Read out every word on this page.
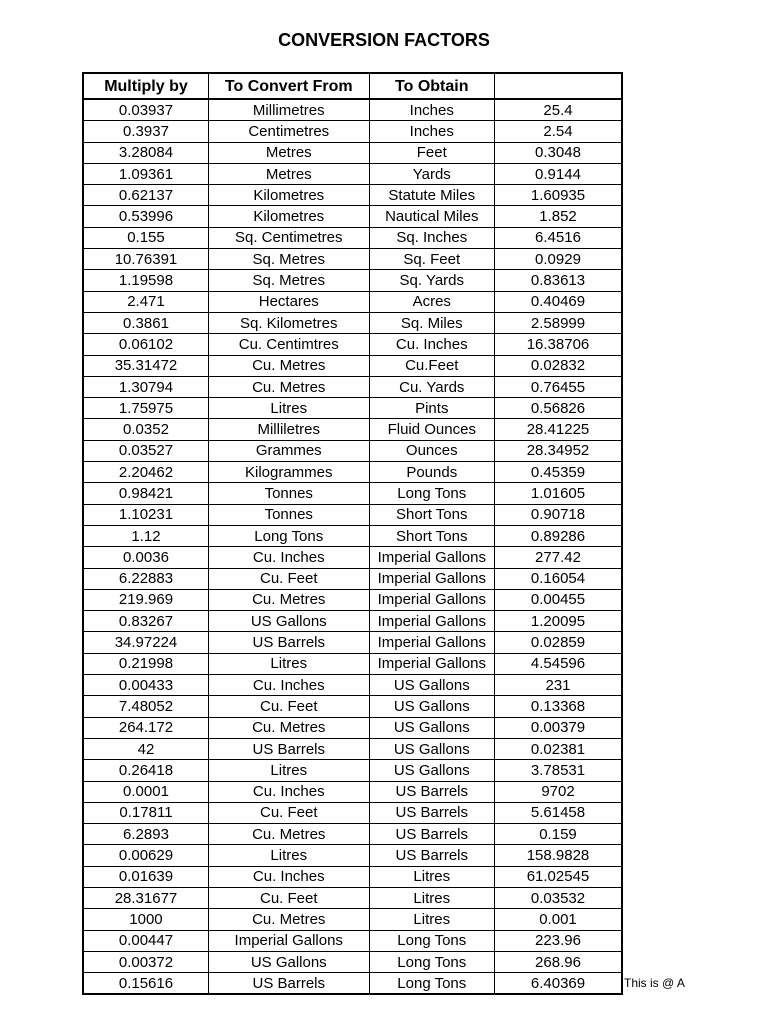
CONVERSION FACTORS
Multiply by	To Convert From	To Obtain	
0.03937	Millimetres	Inches	25.4
0.3937	Centimetres	Inches	2.54
3.28084	Metres	Feet	0.3048
1.09361	Metres	Yards	0.9144
0.62137	Kilometres	Statute Miles	1.60935
0.53996	Kilometres	Nautical Miles	1.852
0.155	Sq. Centimetres	Sq. Inches	6.4516
10.76391	Sq. Metres	Sq. Feet	0.0929
1.19598	Sq. Metres	Sq. Yards	0.83613
2.471	Hectares	Acres	0.40469
0.3861	Sq. Kilometres	Sq. Miles	2.58999
0.06102	Cu. Centimtres	Cu. Inches	16.38706
35.31472	Cu. Metres	Cu.Feet	0.02832
1.30794	Cu. Metres	Cu. Yards	0.76455
1.75975	Litres	Pints	0.56826
0.0352	Milliletres	Fluid Ounces	28.41225
0.03527	Grammes	Ounces	28.34952
2.20462	Kilogrammes	Pounds	0.45359
0.98421	Tonnes	Long Tons	1.01605
1.10231	Tonnes	Short Tons	0.90718
1.12	Long Tons	Short Tons	0.89286
0.0036	Cu. Inches	Imperial Gallons	277.42
6.22883	Cu. Feet	Imperial Gallons	0.16054
219.969	Cu. Metres	Imperial Gallons	0.00455
0.83267	US Gallons	Imperial Gallons	1.20095
34.97224	US Barrels	Imperial Gallons	0.02859
0.21998	Litres	Imperial Gallons	4.54596
0.00433	Cu. Inches	US Gallons	231
7.48052	Cu. Feet	US Gallons	0.13368
264.172	Cu. Metres	US Gallons	0.00379
42	US Barrels	US Gallons	0.02381
0.26418	Litres	US Gallons	3.78531
0.0001	Cu. Inches	US Barrels	9702
0.17811	Cu. Feet	US Barrels	5.61458
6.2893	Cu. Metres	US Barrels	0.159
0.00629	Litres	US Barrels	158.9828
0.01639	Cu. Inches	Litres	61.02545
28.31677	Cu. Feet	Litres	0.03532
1000	Cu. Metres	Litres	0.001
0.00447	Imperial Gallons	Long Tons	223.96
0.00372	US Gallons	Long Tons	268.96
0.15616	US Barrels	Long Tons	6.40369	This is @ A
